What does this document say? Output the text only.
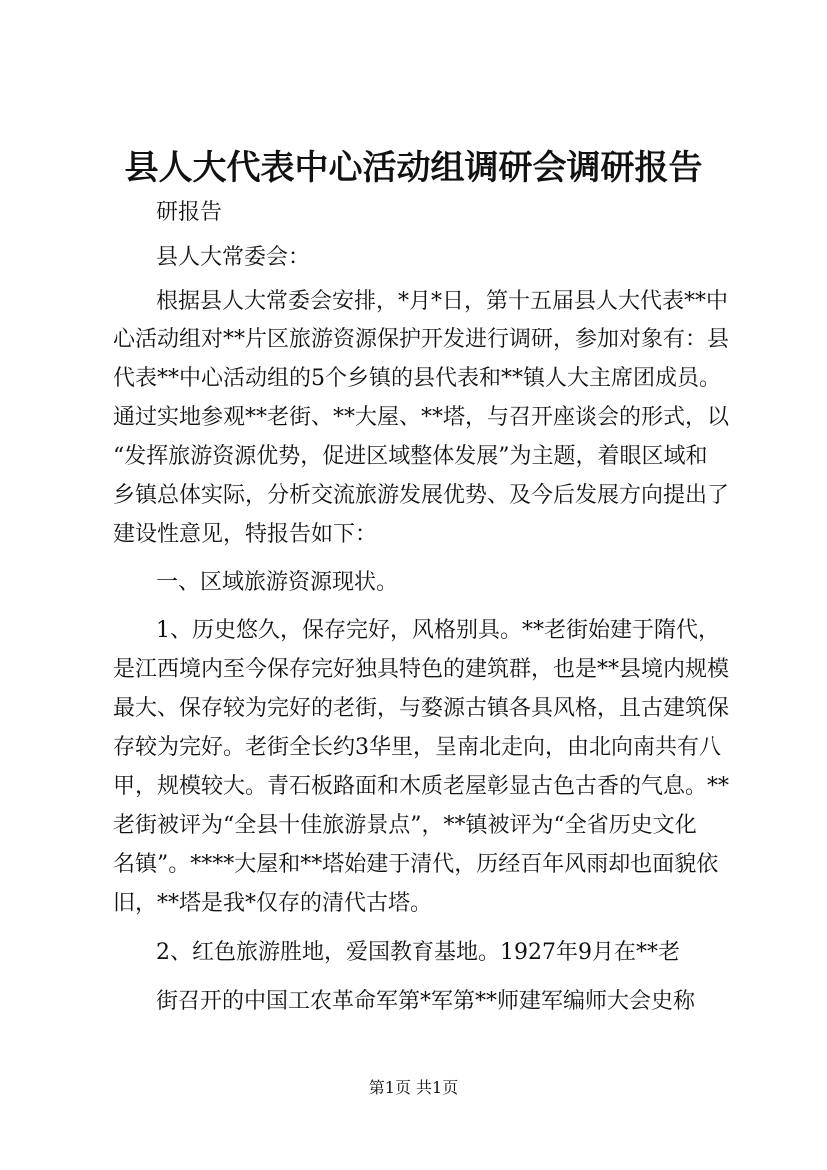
县人大代表中心活动组调研会调研报告
研报告
县人大常委会：
根据县人大常委会安排，*月*日，第十五届县人大代表**中
心活动组对**片区旅游资源保护开发进行调研，参加对象有：县
代表**中心活动组的5个乡镇的县代表和**镇人大主席团成员。
通过实地参观**老街、**大屋、**塔，与召开座谈会的形式，以
“发挥旅游资源优势，促进区域整体发展”为主题，着眼区域和
乡镇总体实际，分析交流旅游发展优势、及今后发展方向提出了
建设性意见，特报告如下：
一、区域旅游资源现状。
1、历史悠久，保存完好，风格别具。**老街始建于隋代，
是江西境内至今保存完好独具特色的建筑群，也是**县境内规模
最大、保存较为完好的老街，与婺源古镇各具风格，且古建筑保
存较为完好。老街全长约3华里，呈南北走向，由北向南共有八
甲，规模较大。青石板路面和木质老屋彰显古色古香的气息。**
老街被评为“全县十佳旅游景点”，**镇被评为“全省历史文化
名镇”。****大屋和**塔始建于清代，历经百年风雨却也面貌依
旧，**塔是我*仅存的清代古塔。
2、红色旅游胜地，爱国教育基地。1927年9月在**老
街召开的中国工农革命军第*军第**师建军编师大会史称
第1页 共1页
